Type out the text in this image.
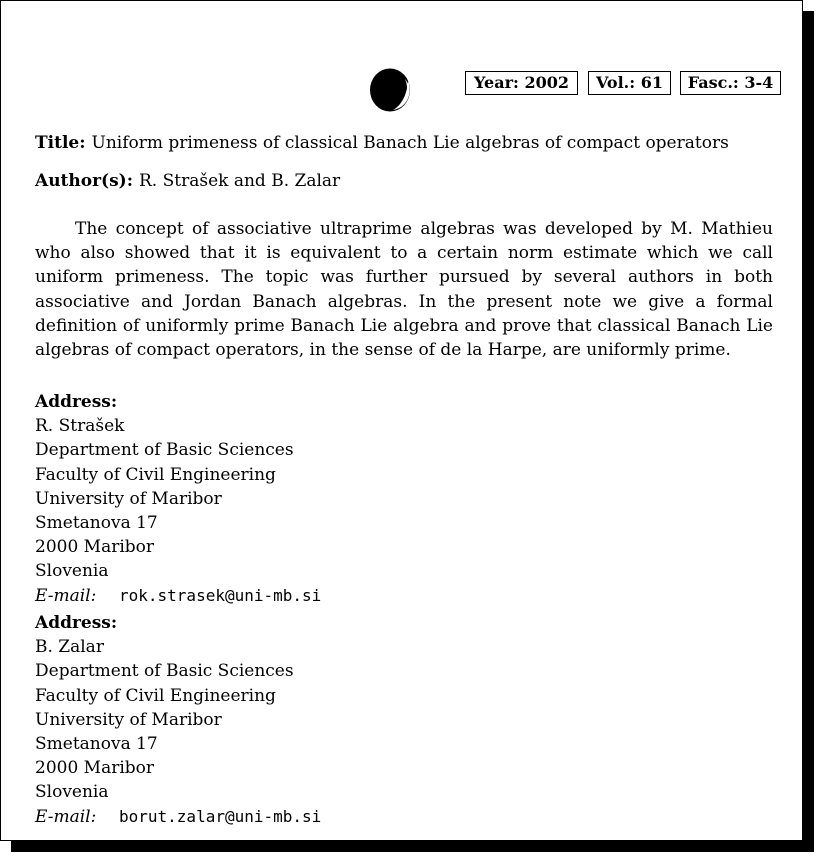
Year: 2002	Vol.: 61	Fasc.: 3-4
Title: Uniform primeness of classical Banach Lie algebras of compact operators
Author(s): R. Strašek and B. Zalar

The concept of associative ultraprime algebras was developed by M. Mathieu who also showed that it is equivalent to a certain norm estimate which we call uniform primeness. The topic was further pursued by several authors in both associative and Jordan Banach algebras. In the present note we give a formal definition of uniformly prime Banach Lie algebra and prove that classical Banach Lie algebras of compact operators, in the sense of de la Harpe, are uniformly prime.

Address:
R. Strašek
Department of Basic Sciences
Faculty of Civil Engineering
University of Maribor
Smetanova 17
2000 Maribor
Slovenia
E-mail: rok.strasek@uni-mb.si
Address:
B. Zalar
Department of Basic Sciences
Faculty of Civil Engineering
University of Maribor
Smetanova 17
2000 Maribor
Slovenia
E-mail: borut.zalar@uni-mb.si
